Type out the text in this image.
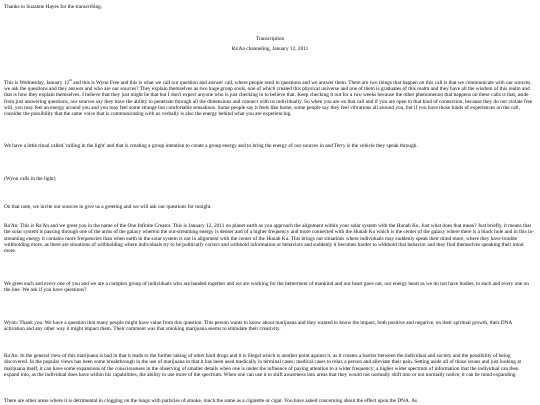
Thanks to Suzanne Hayes for the transcribing.

Transcription

Ra'An channeling, January 12, 2011

This is Wednesday, January 12th and this is Wynn Free and this is what we call our question and answer call, where people send in questions and we answer them. There are two things that happen on this call is that we communicate with our sources, we ask the questions and they answer and who are our sources? They explain themselves as two huge group souls, one of which created this physical universe and one of them is graduates of this realm and they have all the wisdom of this realm and that is how they explain themselves. I believe that they just might be that but I don't expect anyone who is just checking in to believe that. Keep checking it out for a two weeks because the other phenomenon that happens on these calls is that, aside from just answering questions, our sources say they have the ability to penetrate through all the dimensions and connect with us individually. So when you are on that call and if you are open to that kind of connection, because they do not violate free will, you may feel an energy around you and you may feel some strange but comfortable sensations. Some people say it feels like home, some people say they feel vibrations all around you, but if you have those kinds of experiences on the call, consider the possibility that the same voice that is communicating with us verbally is also the energy behind what you are experiencing.

We have a little ritual called 'calling in the light' and that is creating a group intention to create a group energy and to bring the energy of our sources in and Terry is the vehicle they speak through.

(Wynn calls in the light)

On that note, we invite our sources to give us a greeting and we will ask our questions for tonight.

Ra'An: This is Ra'An and we greet you in the name of the One Infinite Creator. This is January 12, 2011 on planet earth as you approach the alignment within your solar system with the Hunab Ku. Just what does that mean? Just briefly, it means that the solar system is passing through one of the arms of the galaxy wherein the out-streaming energy is denser and of a higher frequency and more connected with the Hunab Ku which is the center of the galaxy where there is a black hole and in this in-streaming energy it contains more frequencies than when earth in the solar system is not in alignment with the center of the Hunab Ku. This brings out situations where individuals may suddenly speak their mind more, where they have trouble withholding more, as there are situations of withholding where individuals try to be politically correct and withhold information or behaviors and suddenly it becomes harder to withhold that behavior and they find themselves speaking their mind more.

We greet each and every one of you and we are a complex group of individuals who are banded together and we are working for the betterment of mankind and our heart goes out, our energy heart as we do not have bodies, to each and every one on the line. We ask if you have questions?

Wynn: Thank you. We have a question that many people might have value from this question. This person wants to know about marijuana and they wanted to know the impact, both positive and negative, on their spiritual growth, their DNA activation and any other way it might impact them. Their comment was that smoking marijuana seems to stimulate their creativity.

Ra'An: In the general view of this marijuana is bad in that it leads to the further taking of other hard drugs and it is illegal which is another point against it, as it creates a barrier between the individual and society and the possibility of being discovered. In the popular views has been some breakthrough in the use of marijuana in that it has been used medically in terminal cases; medical cases to relax a person and alleviate their pain. Setting aside all of those issues and just looking at marijuana itself, it can have some expansions of the consciousness in the observing of smaller details when one is under the influence of paying attention to a wider frequency; a higher wider spectrum of information that the individual can then expand into, as the individual does have within his capabilities, the ability to use more of the spectrum. When one can use it to shift awareness into areas that they would not normally shift into or not normally notice, it can be mind expanding.

There are other areas where it is detrimental in clogging on the lungs with particles of smoke, much the same as a cigarette or cigar. You have asked concerning about the effect upon the DNA. As
